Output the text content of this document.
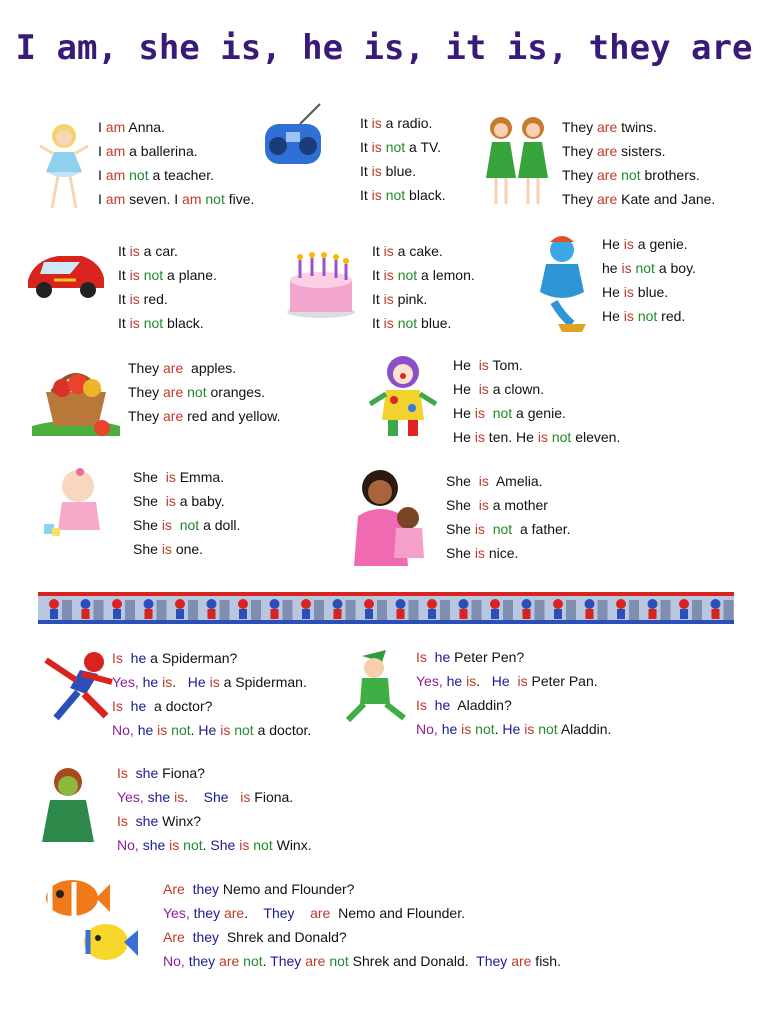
I am, she is, he is, it is, they are
I am Anna.
I am a ballerina.
I am not a teacher.
I am seven. I am not five.
It is a radio.
It is not a TV.
It is blue.
It is not black.
They are twins.
They are sisters.
They are not brothers.
They are Kate and Jane.
It is a car.
It is not a plane.
It is red.
It is not black.
It is a cake.
It is not a lemon.
It is pink.
It is not blue.
He is a genie.
he is not a boy.
He is blue.
He is not red.
They are  apples.
They are not oranges.
They are red and yellow.
He  is Tom.
He  is a clown.
He is not a genie.
He is ten. He is not eleven.
She  is Emma.
She  is a baby.
She is not a doll.
She is one.
She  is  Amelia.
She  is a mother
She is not  a father.
She is nice.
Is he a Spiderman?
Yes, he is.   He is a Spiderman.
Is he  a doctor?
No, he is not. He is not a doctor.
Is he Peter Pen?
Yes, he is.   He is Peter Pan.
Is he  Aladdin?
No, he is not. He is not Aladdin.
Is she Fiona?
Yes, she is.    She is Fiona.
Is she Winx?
No, she is not. She is not Winx.
Are they Nemo and Flounder?
Yes, they are.    They are  Nemo and Flounder.
Are they  Shrek and Donald?
No, they are not. They are not Shrek and Donald.  They are fish.
